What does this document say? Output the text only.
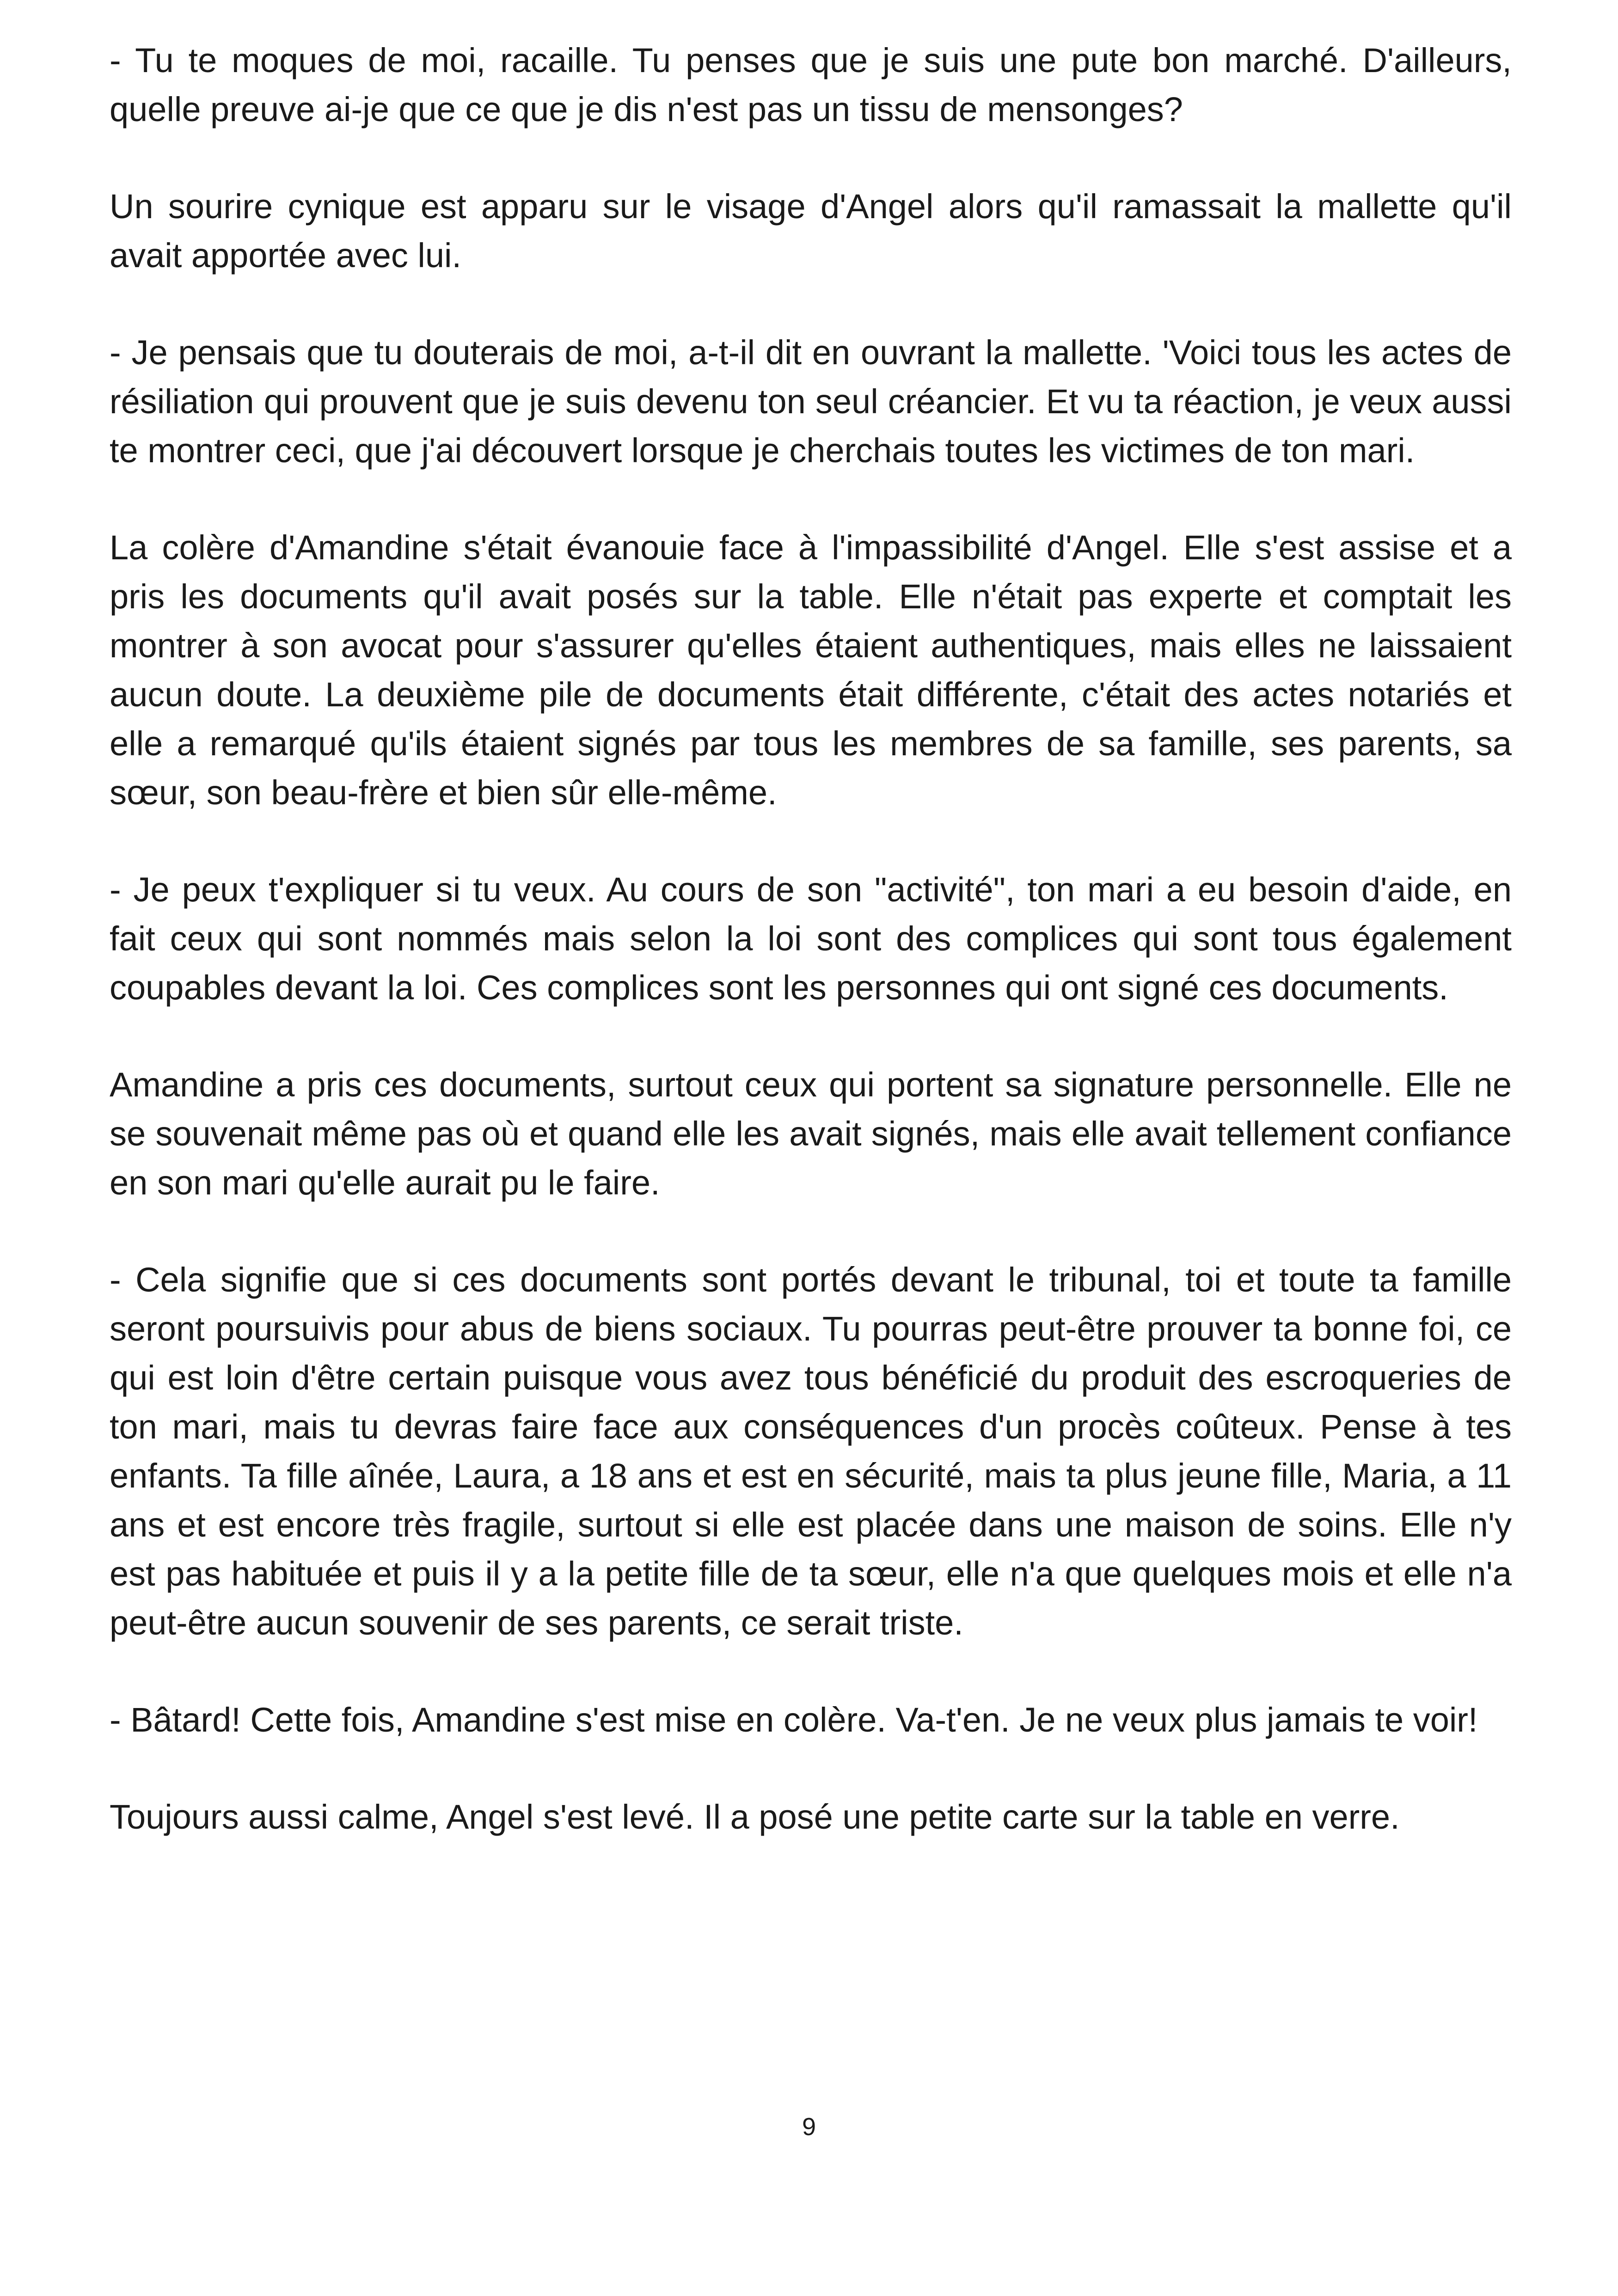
- Tu te moques de moi, racaille. Tu penses que je suis une pute bon marché. D'ailleurs, quelle preuve ai-je que ce que je dis n'est pas un tissu de mensonges?

Un sourire cynique est apparu sur le visage d'Angel alors qu'il ramassait la mallette qu'il avait apportée avec lui.

- Je pensais que tu douterais de moi, a-t-il dit en ouvrant la mallette. 'Voici tous les actes de résiliation qui prouvent que je suis devenu ton seul créancier. Et vu ta réaction, je veux aussi te montrer ceci, que j'ai découvert lorsque je cherchais toutes les victimes de ton mari.

La colère d'Amandine s'était évanouie face à l'impassibilité d'Angel. Elle s'est assise et a pris les documents qu'il avait posés sur la table. Elle n'était pas experte et comptait les montrer à son avocat pour s'assurer qu'elles étaient authentiques, mais elles ne laissaient aucun doute. La deuxième pile de documents était différente, c'était des actes notariés et elle a remarqué qu'ils étaient signés par tous les membres de sa famille, ses parents, sa sœur, son beau-frère et bien sûr elle-même.

- Je peux t'expliquer si tu veux. Au cours de son "activité", ton mari a eu besoin d'aide, en fait ceux qui sont nommés mais selon la loi sont des complices qui sont tous également coupables devant la loi. Ces complices sont les personnes qui ont signé ces documents.

Amandine a pris ces documents, surtout ceux qui portent sa signature personnelle. Elle ne se souvenait même pas où et quand elle les avait signés, mais elle avait tellement confiance en son mari qu'elle aurait pu le faire.

- Cela signifie que si ces documents sont portés devant le tribunal, toi et toute ta famille seront poursuivis pour abus de biens sociaux. Tu pourras peut-être prouver ta bonne foi, ce qui est loin d'être certain puisque vous avez tous bénéficié du produit des escroqueries de ton mari, mais tu devras faire face aux conséquences d'un procès coûteux. Pense à tes enfants. Ta fille aînée, Laura, a 18 ans et est en sécurité, mais ta plus jeune fille, Maria, a 11 ans et est encore très fragile, surtout si elle est placée dans une maison de soins. Elle n'y est pas habituée et puis il y a la petite fille de ta sœur, elle n'a que quelques mois et elle n'a peut-être aucun souvenir de ses parents, ce serait triste.

- Bâtard! Cette fois, Amandine s'est mise en colère. Va-t'en. Je ne veux plus jamais te voir!

Toujours aussi calme, Angel s'est levé. Il a posé une petite carte sur la table en verre.

9
